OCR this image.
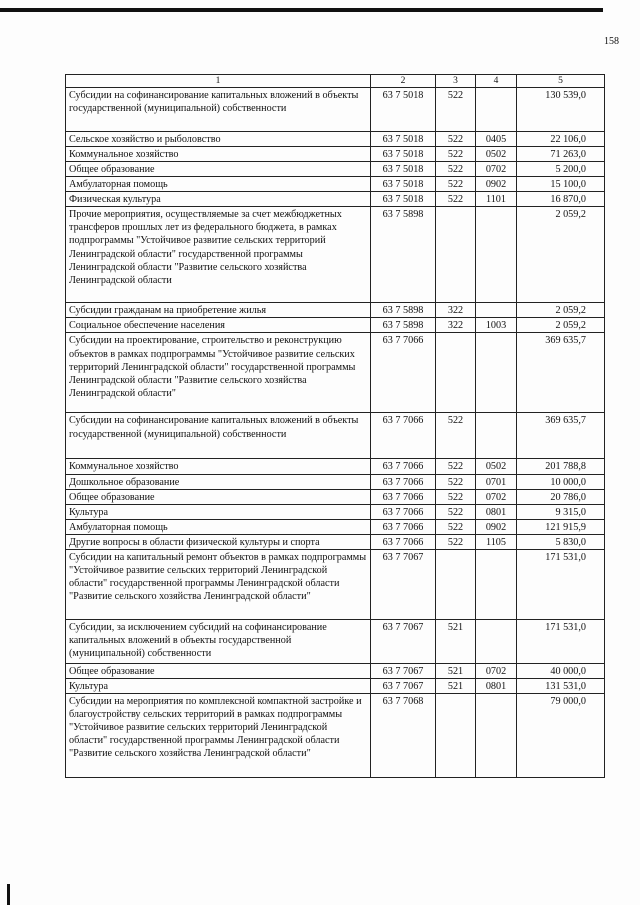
158
1	2	3	4	5
Субсидии на софинансирование капитальных вложений в объекты государственной (муниципальной) собственности	63 7 5018	522		130 539,0
Сельское хозяйство и рыболовство	63 7 5018	522	0405	22 106,0
Коммунальное хозяйство	63 7 5018	522	0502	71 263,0
Общее образование	63 7 5018	522	0702	5 200,0
Амбулаторная помощь	63 7 5018	522	0902	15 100,0
Физическая культура	63 7 5018	522	1101	16 870,0
Прочие мероприятия, осуществляемые за счет межбюджетных трансферов прошлых лет из федерального бюджета, в рамках подпрограммы "Устойчивое развитие сельских территорий Ленинградской области" государственной программы Ленинградской области "Развитие сельского хозяйства Ленинградской области	63 7 5898			2 059,2
Субсидии гражданам на приобретение жилья	63 7 5898	322		2 059,2
Социальное обеспечение населения	63 7 5898	322	1003	2 059,2
Субсидии на проектирование, строительство и реконструкцию объектов в рамках подпрограммы "Устойчивое развитие сельских территорий Ленинградской области" государственной программы Ленинградской области "Развитие сельского хозяйства Ленинградской области"	63 7 7066			369 635,7
Субсидии на софинансирование капитальных вложений в объекты государственной (муниципальной) собственности	63 7 7066	522		369 635,7
Коммунальное хозяйство	63 7 7066	522	0502	201 788,8
Дошкольное образование	63 7 7066	522	0701	10 000,0
Общее образование	63 7 7066	522	0702	20 786,0
Культура	63 7 7066	522	0801	9 315,0
Амбулаторная помощь	63 7 7066	522	0902	121 915,9
Другие вопросы в области физической культуры и спорта	63 7 7066	522	1105	5 830,0
Субсидии на капитальный ремонт объектов в рамках подпрограммы "Устойчивое развитие сельских территорий Ленинградской области" государственной программы Ленинградской области "Развитие сельского хозяйства Ленинградской области"	63 7 7067			171 531,0
Субсидии, за исключением субсидий на софинансирование капитальных вложений в объекты государственной (муниципальной) собственности	63 7 7067	521		171 531,0
Общее образование	63 7 7067	521	0702	40 000,0
Культура	63 7 7067	521	0801	131 531,0
Субсидии на мероприятия по комплексной компактной застройке и благоустройству сельских территорий в рамках подпрограммы "Устойчивое развитие сельских территорий Ленинградской области" государственной программы Ленинградской области "Развитие сельского хозяйства Ленинградской области"	63 7 7068			79 000,0
